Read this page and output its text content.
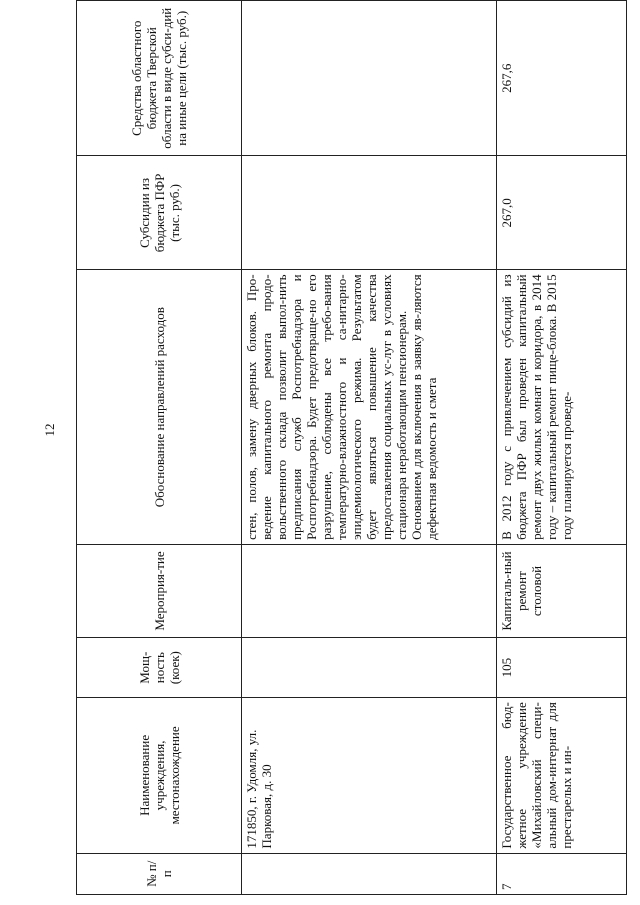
12
№ п/п	Наименование учреждения, местонахождение	Мощ-ность (коек)	Мероприя-тие	Обоснование направлений расходов	Субсидии из бюджета ПФР (тыс. руб.)	Средства областного бюджета Тверской области в виде субси-дий на иные цели (тыс. руб.)
	171850, г. Удомля, ул. Парковая, д. 30			стен, полов, замену дверных блоков. Про-ведение капитального ремонта продо-вольственного склада позволит выпол-нить предписания служб Роспотребнадзора и Роспотребнадзора. Будет предотвраще-но его разрушение, соблюдены все требо-вания температурно-влажностного и са-нитарно-эпидемиологического режима. Результатом будет являться повышение качества предоставления социальных ус-луг в условиях стационара неработающим пенсионерам. Основанием для включения в заявку яв-ляются дефектная ведомость и смета		

7	Государственное бюд-жетное учреждение «Михайловский специ-альный дом-интернат для престарелых и ин-	105	Капиталь-ный ремонт столовой	В 2012 году с привлечением субсидий из бюджета ПФР был проведен капитальный ремонт двух жилых комнат и коридора, в 2014 году – капитальный ремонт пище-блока. В 2015 году планируется проведе-	267,0	267,6
